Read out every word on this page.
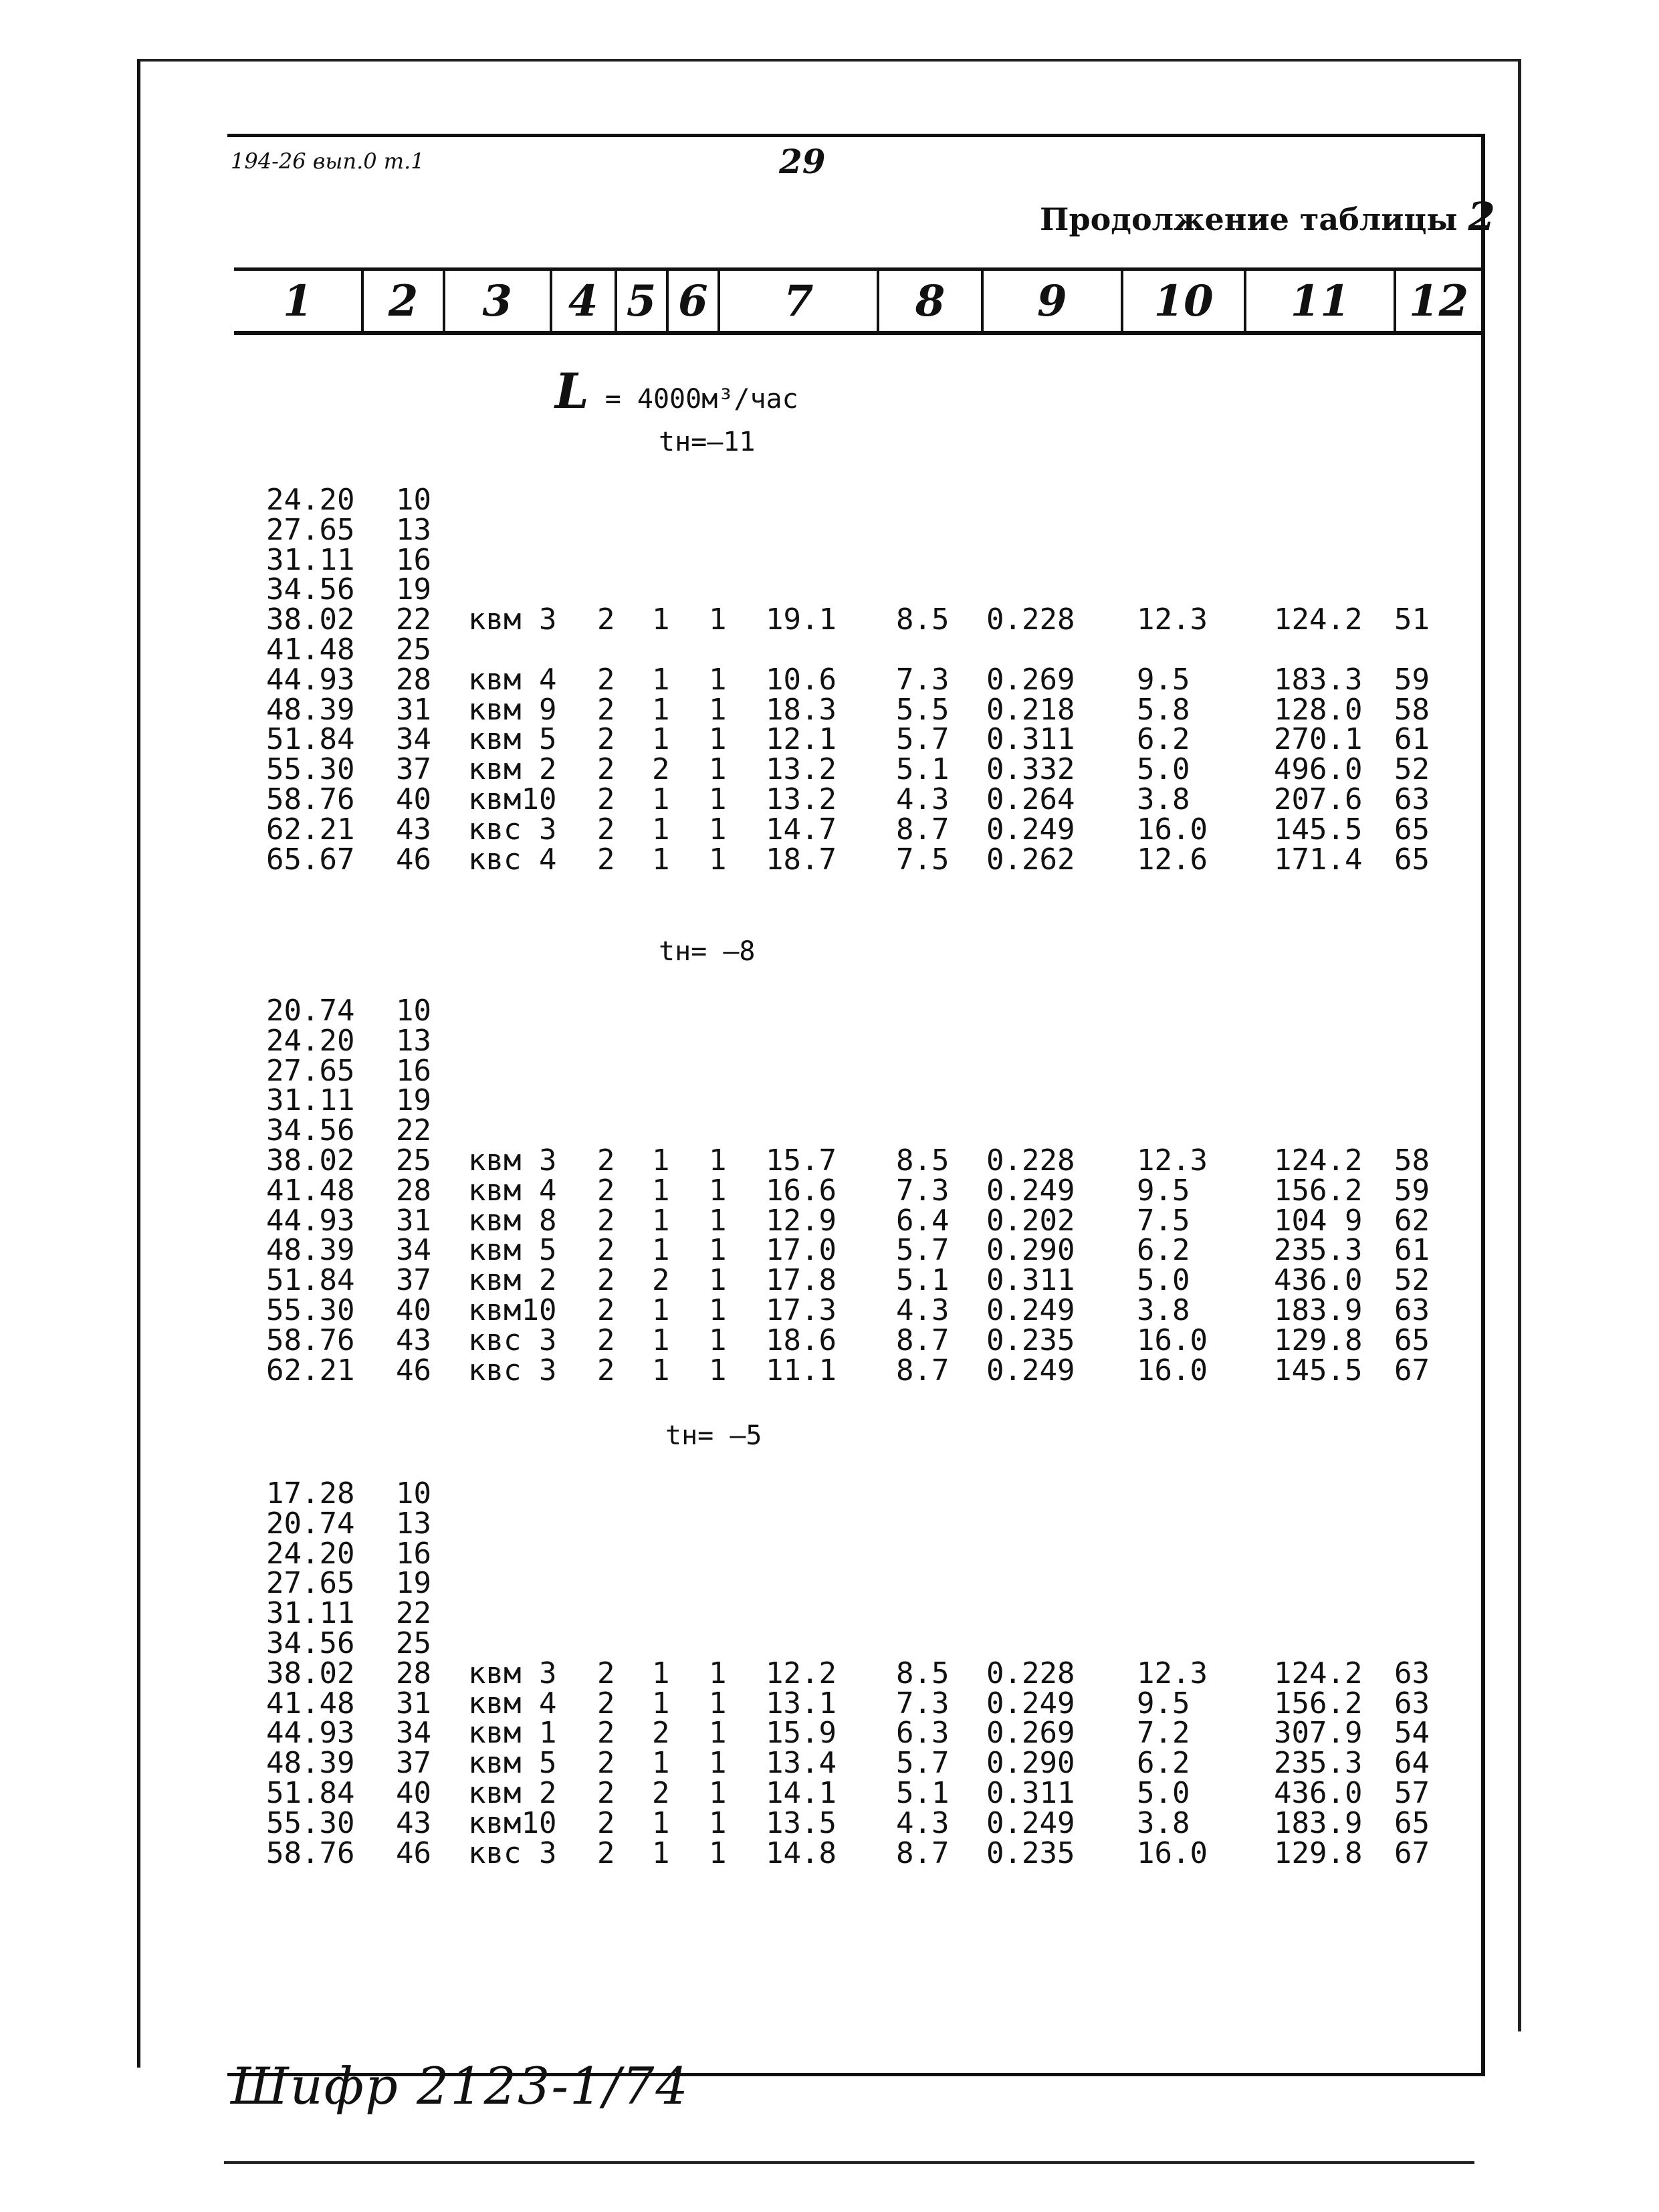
194-26 вып.0 т.1	29
Продолжение таблицы 2
1	2	3	4 5 6	7	8	9	10	11	12
L = 4000м³/час
tн=—11
24.20 10
27.65 13
31.11 16
34.56 19
38.02 22 квм 3 2 1 1 19.1 8.5 0.228 12.3 124.2 51
41.48 25
44.93 28 квм 4 2 1 1 10.6 7.3 0.269 9.5	183.3 59
48.39 31 квм 9 2 1 1 18.3 5.5 0.218 5.8	128.0 58
51.84 34 квм 5 2 1 1 12.1 5.7 0.311 6.2	270.1 61
55.30 37 квм 2 2 2 1 13.2 5.1 0.332 5.0	496.0 52
58.76 40 квм10 2 1 1 13.2 4.3 0.264 3.8	207.6 63
62.21 43 квс 3 2 1 1 14.7 8.7 0.249 16.0 145.5 65
65.67 46 квс 4 2 1 1 18.7 7.5 0.262 12.6 171.4 65
tн= —8
20.74 10
24.20 13
27.65 16
31.11 19
34.56 22
38.02 25 квм 3 2 1 1 15.7 8.5 0.228 12.3 124.2 58
41.48 28 квм 4 2 1 1 16.6 7.3 0.249 9.5	156.2 59
44.93 31 квм 8 2 1 1 12.9 6.4 0.202 7.5	104 9 62
48.39 34 квм 5 2 1 1 17.0 5.7 0.290 6.2	235.3 61
51.84 37 квм 2 2 2 1 17.8 5.1 0.311 5.0	436.0 52
55.30 40 квм10 2 1 1 17.3 4.3 0.249 3.8	183.9 63
58.76 43 квс 3 2 1 1 18.6 8.7 0.235 16.0 129.8 65
62.21 46 квс 3 2 1 1 11.1 8.7 0.249 16.0 145.5 67
tн= —5
17.28 10
20.74 13
24.20 16
27.65 19
31.11 22
34.56 25
38.02 28 квм 3 2 1 1 12.2 8.5 0.228 12.3 124.2 63
41.48 31 квм 4 2 1 1 13.1 7.3 0.249 9.5	156.2 63
44.93 34 квм 1 2 2 1 15.9 6.3 0.269 7.2	307.9 54
48.39 37 квм 5 2 1 1 13.4 5.7 0.290 6.2	235.3 64
51.84 40 квм 2 2 2 1 14.1 5.1 0.311 5.0	436.0 57
55.30 43 квм10 2 1 1 13.5 4.3 0.249 3.8	183.9 65
58.76 46 квс 3 2 1 1 14.8 8.7 0.235 16.0 129.8 67
Шифр 2123-1/74
